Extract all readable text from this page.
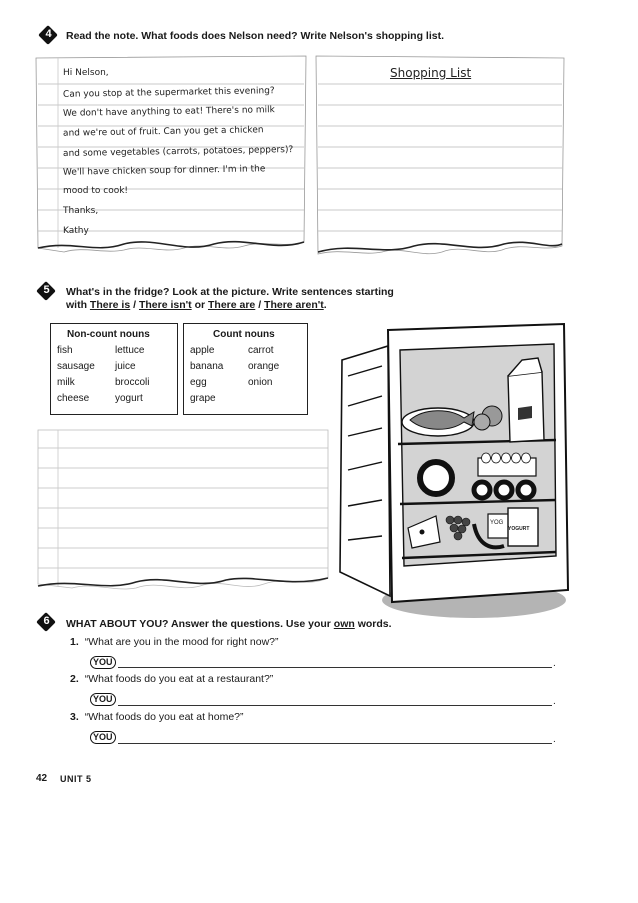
4	Read the note. What foods does Nelson need? Write Nelson's shopping list.
Hi Nelson,
Can you stop at the supermarket this evening?
We don't have anything to eat! There's no milk
and we're out of fruit. Can you get a chicken
and some vegetables (carrots, potatoes, peppers)?
We'll have chicken soup for dinner. I'm in the
mood to cook!
Thanks,
Kathy
Shopping List
5	What's in the fridge? Look at the picture. Write sentences starting with There is / There isn't or There are / There aren't.
Non-count nouns
fish	lettuce
sausage juice
milk	broccoli
cheese	yogurt
Count nouns
apple	carrot
banana orange
egg	onion
grape
YOG
YOGURT
6	WHAT ABOUT YOU? Answer the questions. Use your own words.
1. “What are you in the mood for right now?”
YOU	.
2. “What foods do you eat at a restaurant?”
YOU	.
3. “What foods do you eat at home?”
YOU	.
42 UNIT 5
